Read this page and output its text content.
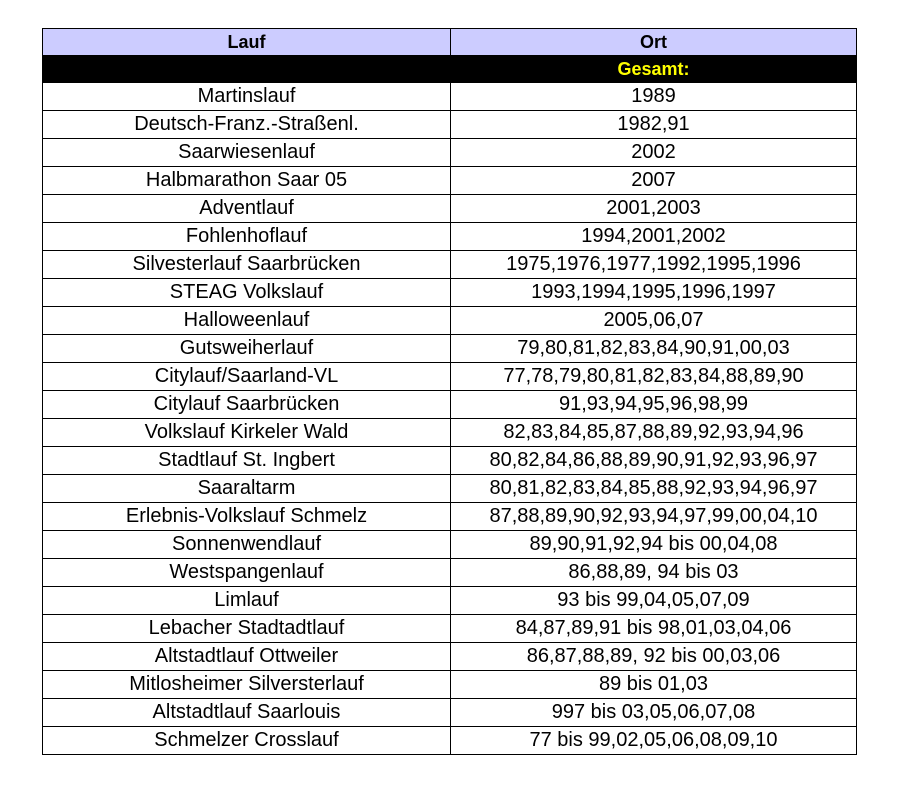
Lauf	Ort
	Gesamt:
Martinslauf	1989
Deutsch-Franz.-Straßenl.	1982,91
Saarwiesenlauf	2002
Halbmarathon Saar 05	2007
Adventlauf	2001,2003
Fohlenhoflauf	1994,2001,2002
Silvesterlauf Saarbrücken	1975,1976,1977,1992,1995,1996
STEAG Volkslauf	1993,1994,1995,1996,1997
Halloweenlauf	2005,06,07
Gutsweiherlauf	79,80,81,82,83,84,90,91,00,03
Citylauf/Saarland-VL	77,78,79,80,81,82,83,84,88,89,90
Citylauf Saarbrücken	91,93,94,95,96,98,99
Volkslauf Kirkeler Wald	82,83,84,85,87,88,89,92,93,94,96
Stadtlauf St. Ingbert	80,82,84,86,88,89,90,91,92,93,96,97
Saaraltarm	80,81,82,83,84,85,88,92,93,94,96,97
Erlebnis-Volkslauf Schmelz	87,88,89,90,92,93,94,97,99,00,04,10
Sonnenwendlauf	89,90,91,92,94 bis 00,04,08
Westspangenlauf	86,88,89, 94 bis 03
Limlauf	93 bis 99,04,05,07,09
Lebacher Stadtadtlauf	84,87,89,91 bis 98,01,03,04,06
Altstadtlauf Ottweiler	86,87,88,89, 92 bis 00,03,06
Mitlosheimer Silversterlauf	89 bis 01,03
Altstadtlauf Saarlouis	997 bis 03,05,06,07,08
Schmelzer Crosslauf	77 bis 99,02,05,06,08,09,10
